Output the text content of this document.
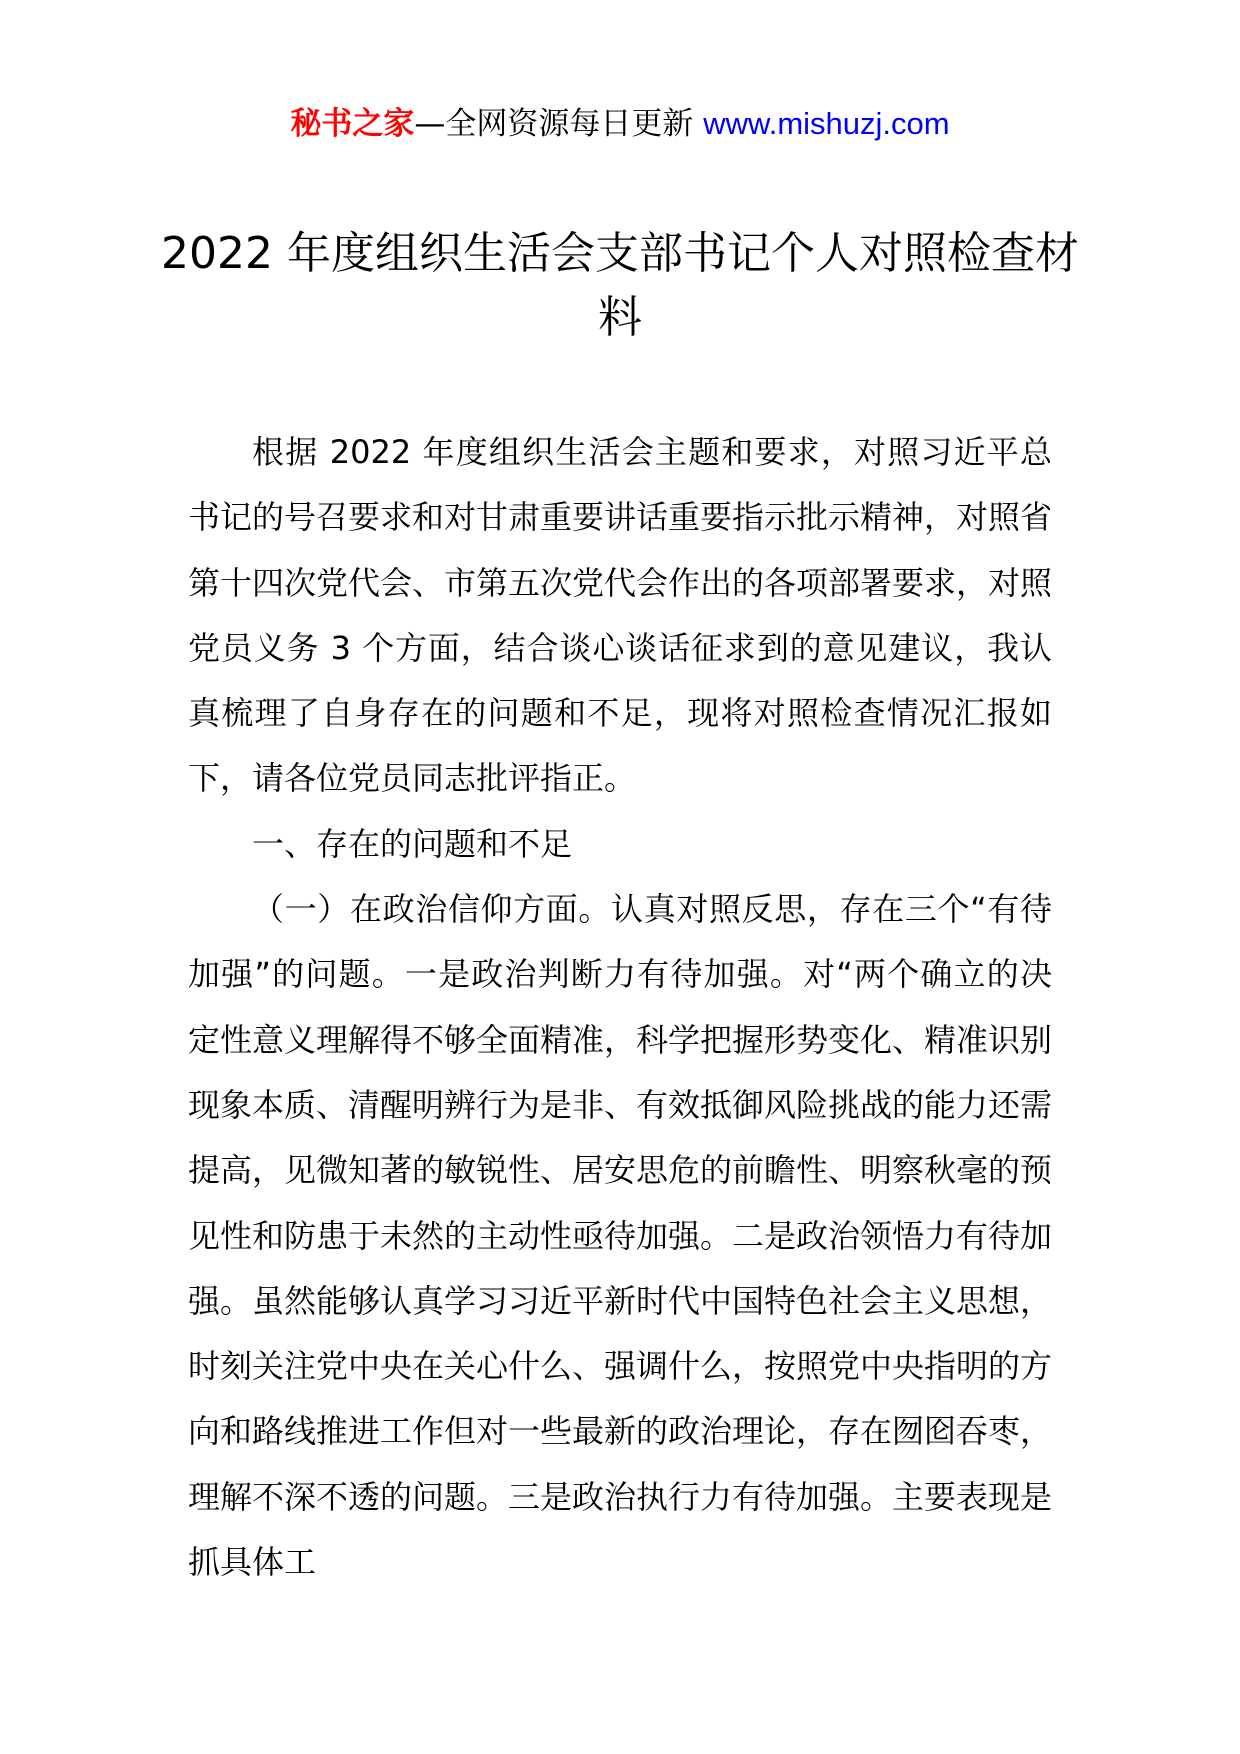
秘书之家—全网资源每日更新 www.mishuzj.com
2022 年度组织生活会支部书记个人对照检查材料

根据 2022 年度组织生活会主题和要求，对照习近平总书记的号召要求和对甘肃重要讲话重要指示批示精神，对照省第十四次党代会、市第五次党代会作出的各项部署要求，对照党员义务 3 个方面，结合谈心谈话征求到的意见建议，我认真梳理了自身存在的问题和不足，现将对照检查情况汇报如下，请各位党员同志批评指正。

一、存在的问题和不足

（一）在政治信仰方面。认真对照反思，存在三个“有待加强”的问题。一是政治判断力有待加强。对“两个确立的决定性意义理解得不够全面精准，科学把握形势变化、精准识别现象本质、清醒明辨行为是非、有效抵御风险挑战的能力还需提高，见微知著的敏锐性、居安思危的前瞻性、明察秋毫的预见性和防患于未然的主动性亟待加强。二是政治领悟力有待加强。虽然能够认真学习习近平新时代中国特色社会主义思想，时刻关注党中央在关心什么、强调什么，按照党中央指明的方向和路线推进工作但对一些最新的政治理论，存在囫囵吞枣，理解不深不透的问题。三是政治执行力有待加强。主要表现是抓具体工
